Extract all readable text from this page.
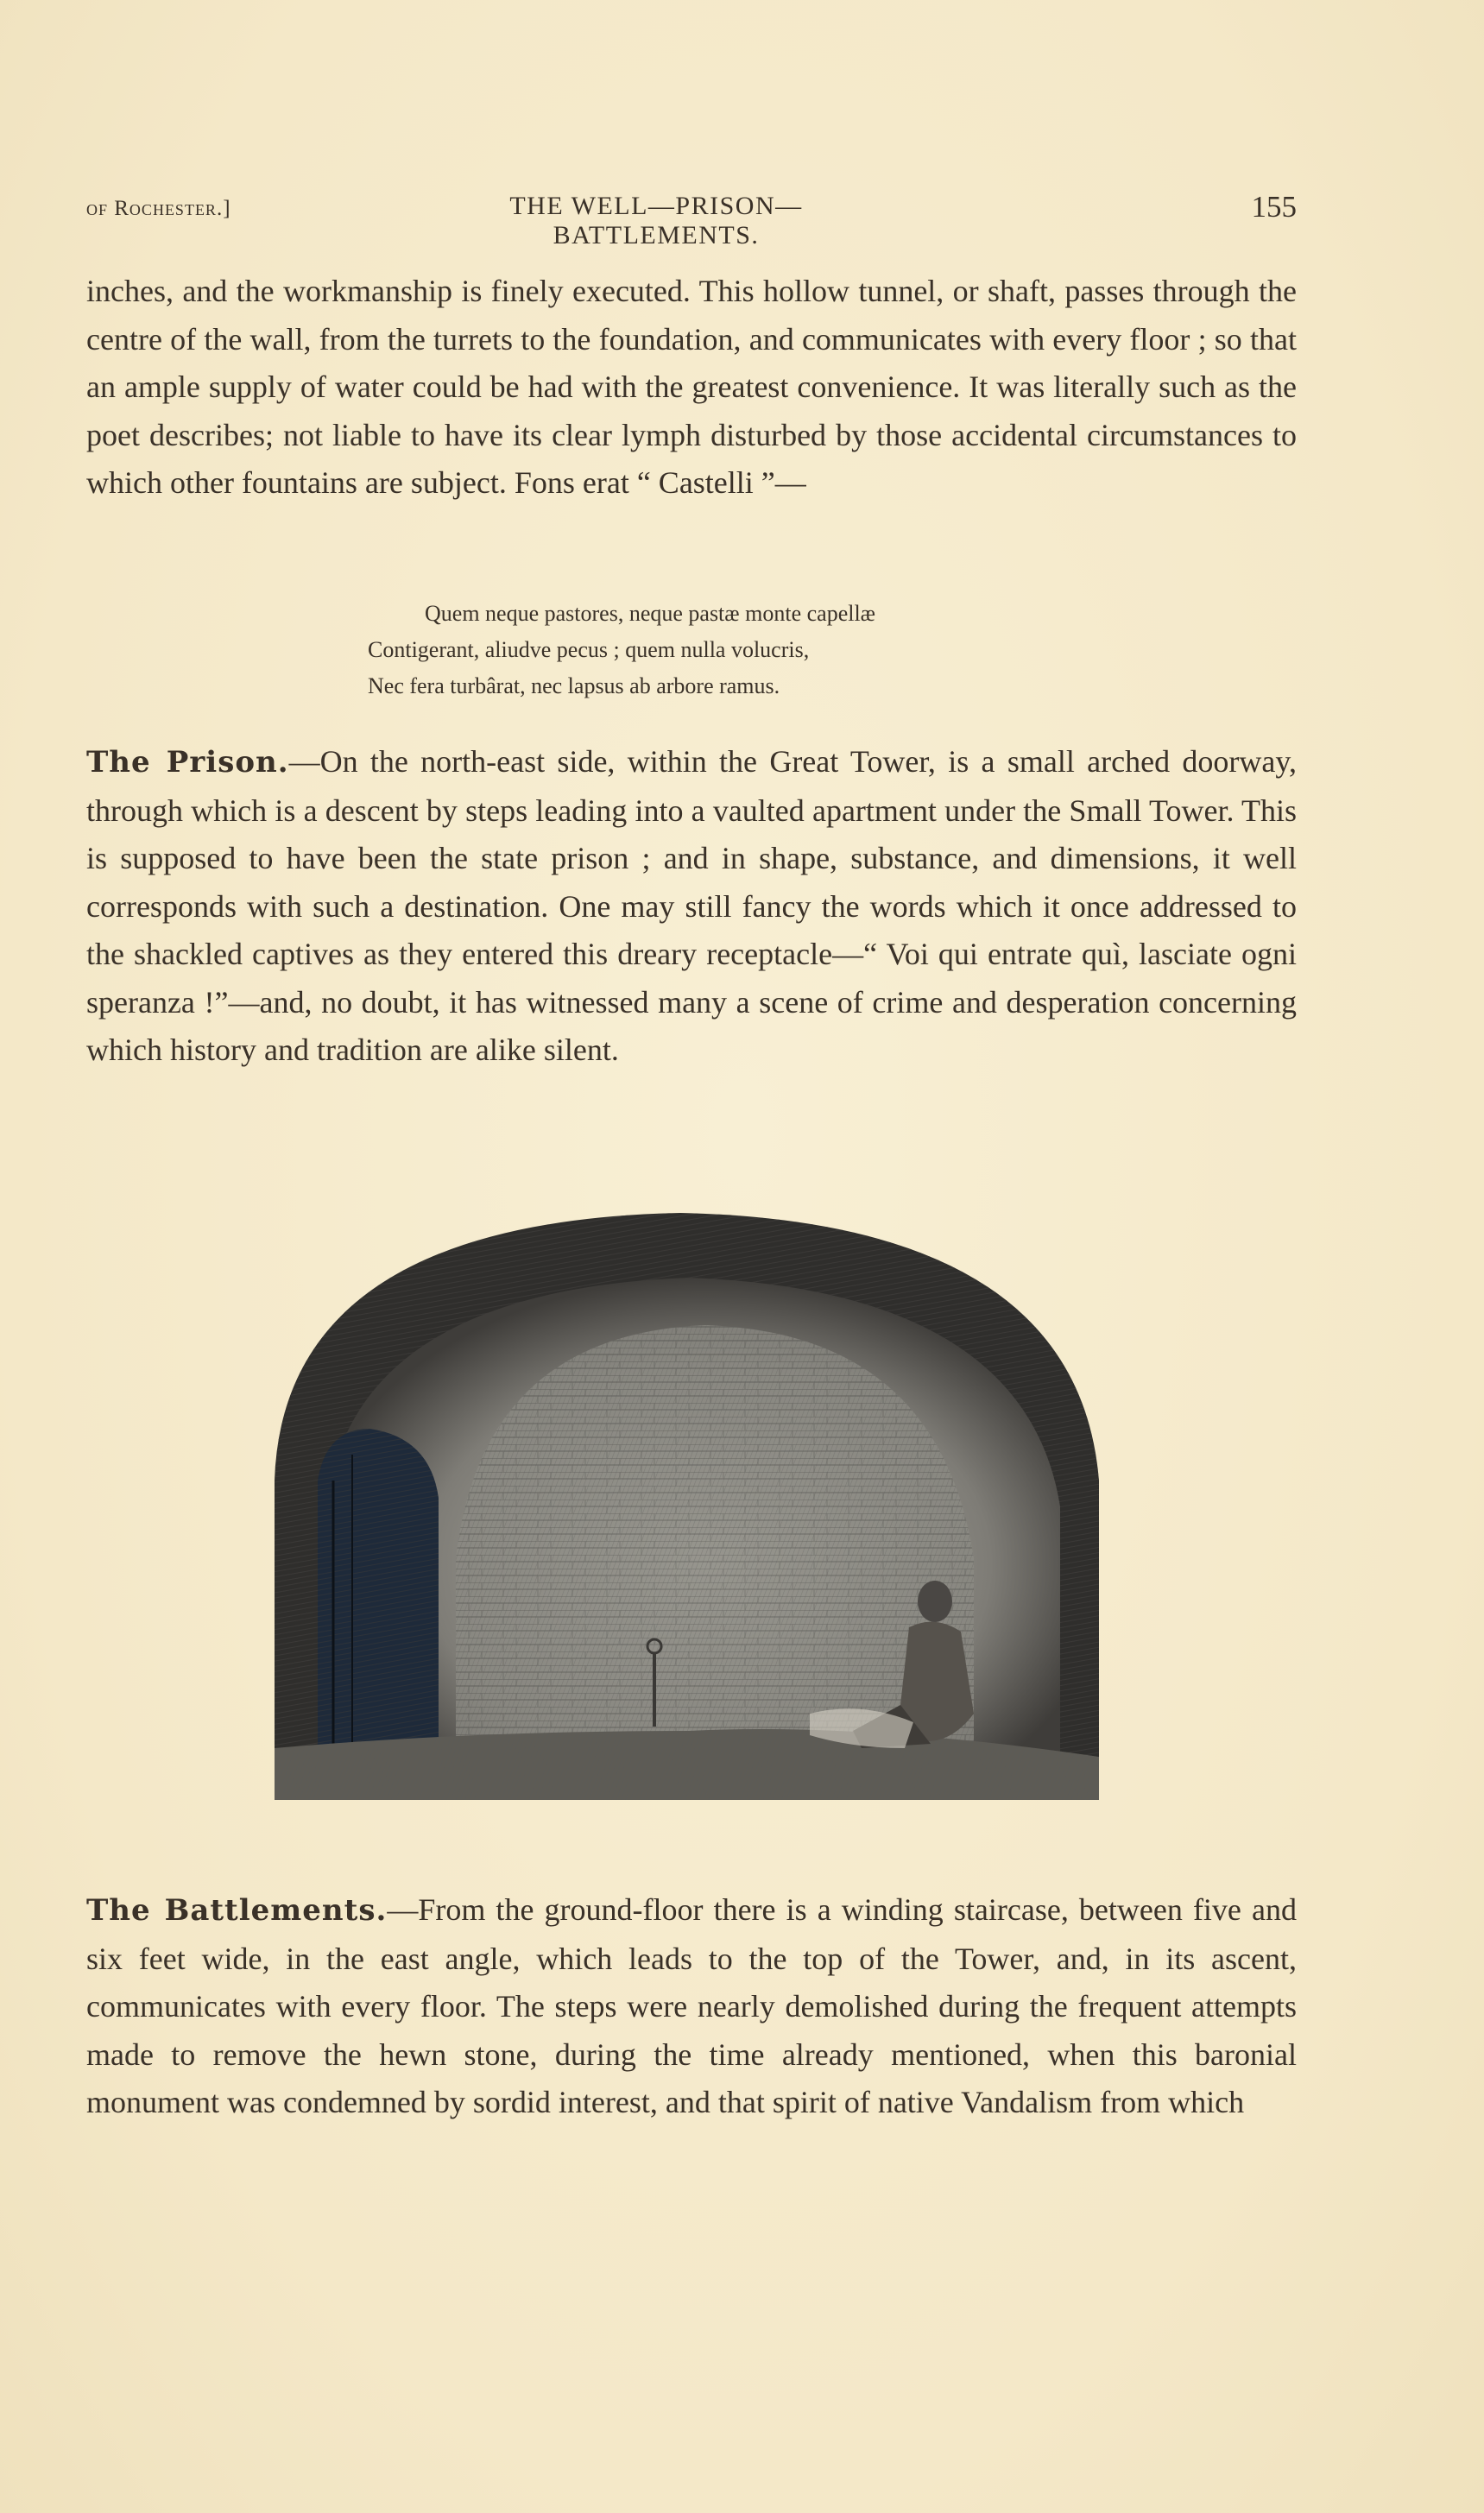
of Rochester.]	THE WELL—PRISON—BATTLEMENTS.
155

inches, and the workmanship is finely executed. This hollow tunnel, or shaft, passes through the centre of the wall, from the turrets to the foundation, and communicates with every floor ; so that an ample supply of water could be had with the greatest convenience. It was literally such as the poet describes; not liable to have its clear lymph disturbed by those accidental circumstances to which other fountains are subject. Fons erat “ Castelli ”—

Quem neque pastores, neque pastæ monte capellæ
Contigerant, aliudve pecus ; quem nulla volucris,
Nec fera turbârat, nec lapsus ab arbore ramus.

The Prison.—On the north-east side, within the Great Tower, is a small arched doorway, through which is a descent by steps leading into a vaulted apartment under the Small Tower. This is supposed to have been the state prison ; and in shape, substance, and dimensions, it well corresponds with such a destination. One may still fancy the words which it once addressed to the shackled captives as they entered this dreary receptacle—“ Voi qui entrate quì, lasciate ogni speranza !”—and, no doubt, it has witnessed many a scene of crime and desperation concerning which history and tradition are alike silent.

The Battlements.—From the ground-floor there is a winding staircase, between five and six feet wide, in the east angle, which leads to the top of the Tower, and, in its ascent, communicates with every floor. The steps were nearly demolished during the frequent attempts made to remove the hewn stone, during the time already mentioned, when this baronial monument was condemned by sordid interest, and that spirit of native Vandalism from which
